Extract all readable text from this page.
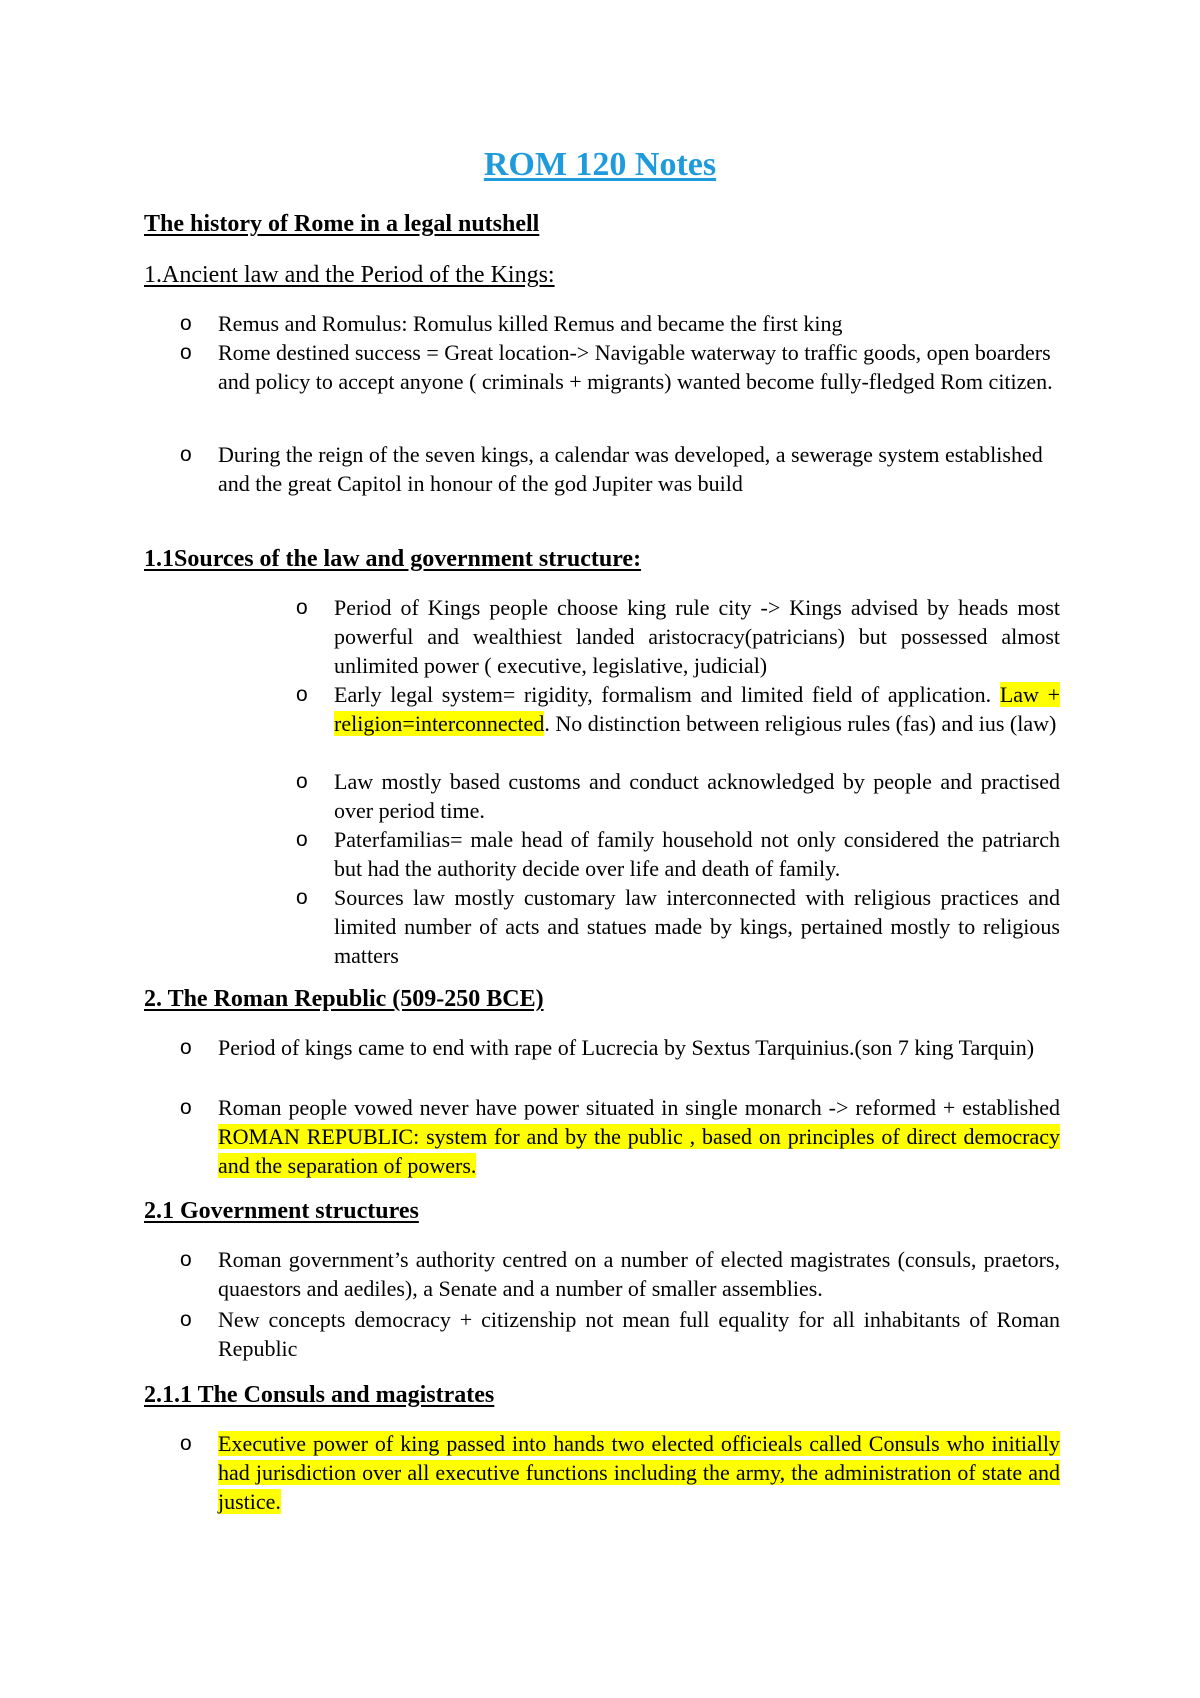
ROM 120 Notes
The history of Rome in a legal nutshell
1.Ancient law and the Period of the Kings:
o Remus and Romulus: Romulus killed Remus and became the first king
o Rome destined success = Great location-> Navigable waterway to traffic goods, open boarders and policy to accept anyone ( criminals + migrants) wanted become fully-fledged Rom citizen.
o During the reign of the seven kings, a calendar was developed, a sewerage system established and the great Capitol in honour of the god Jupiter was build
1.1Sources of the law and government structure:
o Period of Kings people choose king rule city -> Kings advised by heads most powerful and wealthiest landed aristocracy(patricians) but possessed almost unlimited power ( executive, legislative, judicial)
o Early legal system= rigidity, formalism and limited field of application. Law + religion=interconnected. No distinction between religious rules (fas) and ius (law)
o Law mostly based customs and conduct acknowledged by people and practised over period time.
o Paterfamilias= male head of family household not only considered the patriarch but had the authority decide over life and death of family.
o Sources law mostly customary law interconnected with religious practices and limited number of acts and statues made by kings, pertained mostly to religious matters
2. The Roman Republic (509-250 BCE)
o Period of kings came to end with rape of Lucrecia by Sextus Tarquinius.(son 7 king Tarquin)
o Roman people vowed never have power situated in single monarch -> reformed + established ROMAN REPUBLIC: system for and by the public , based on principles of direct democracy and the separation of powers.
2.1 Government structures
o Roman government’s authority centred on a number of elected magistrates (consuls, praetors, quaestors and aediles), a Senate and a number of smaller assemblies.
o New concepts democracy + citizenship not mean full equality for all inhabitants of Roman Republic
2.1.1 The Consuls and magistrates
o Executive power of king passed into hands two elected officieals called Consuls who initially had jurisdiction over all executive functions including the army, the administration of state and justice.
